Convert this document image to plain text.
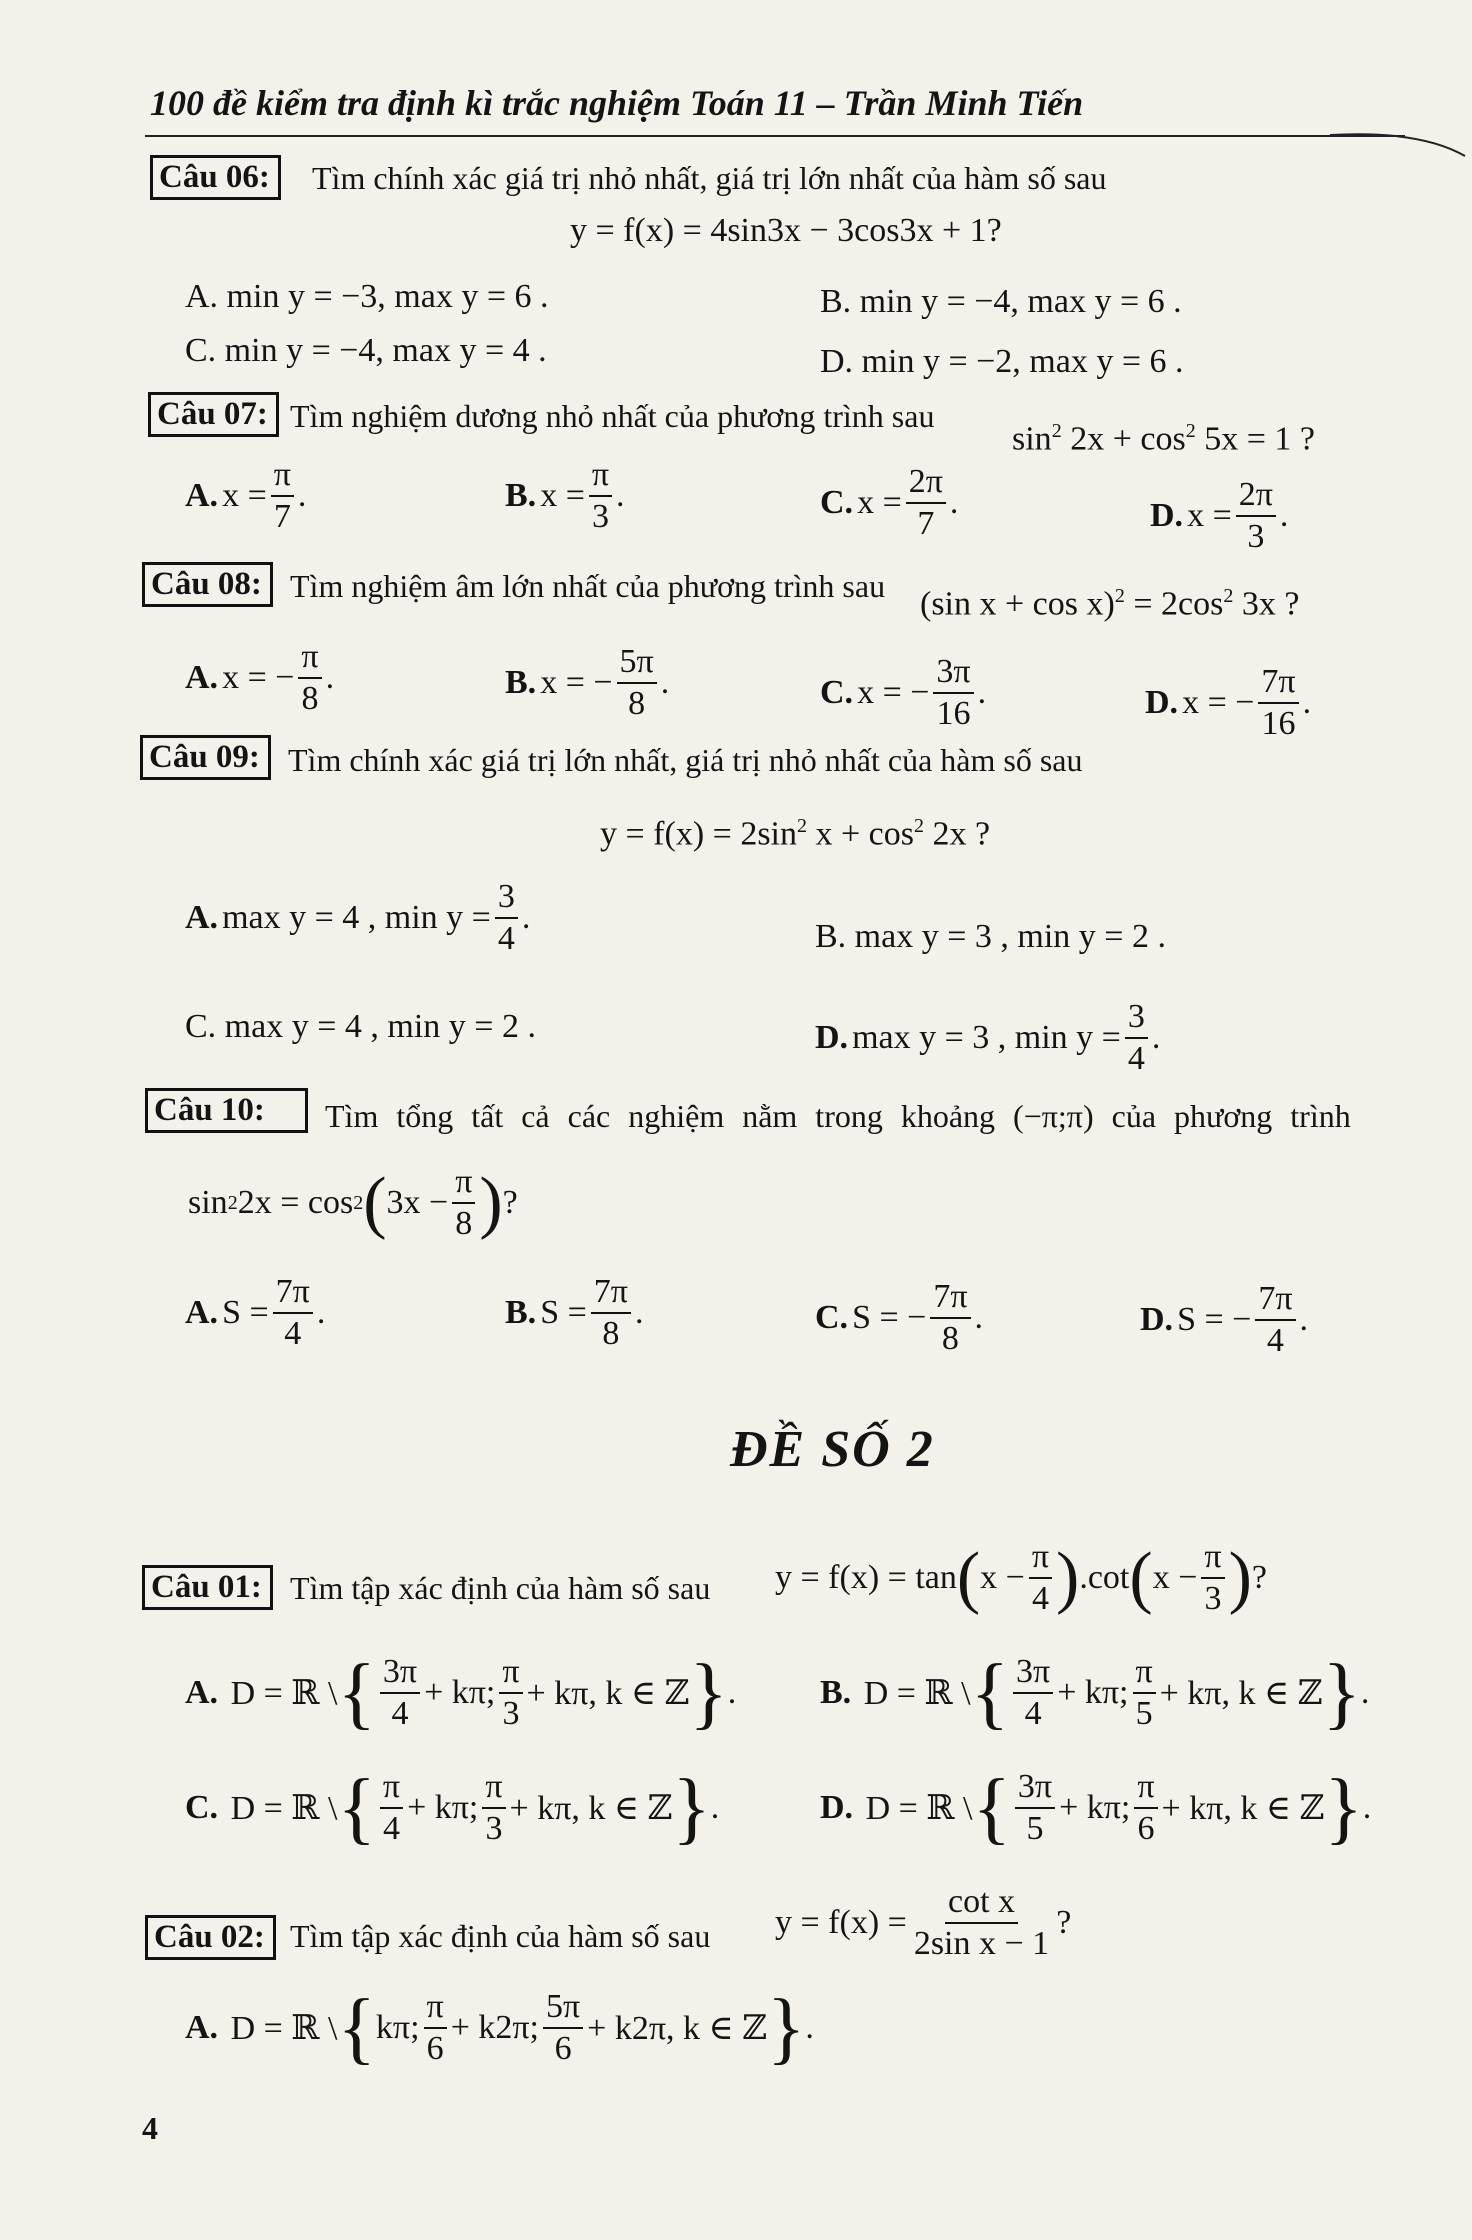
100 đề kiểm tra định kì trắc nghiệm Toán 11 – Trần Minh Tiến
Câu 06:	Tìm chính xác giá trị nhỏ nhất, giá trị lớn nhất của hàm số sau
y = f(x) = 4sin3x − 3cos3x + 1?
A. min y = −3, max y = 6 .	B. min y = −4, max y = 6 .
C. min y = −4, max y = 4 .	D. min y = −2, max y = 6 .
Câu 07: Tìm nghiệm dương nhỏ nhất của phương trình sau
$\sin^2 2x + \cos^2 5x = 1$ ?
A. $x = \frac{\pi}{7}$ .	B. $x = \frac{\pi}{3}$ .	C. $x = \frac{2\pi}{7}$ .	D. $x = \frac{2\pi}{3}$ .
Câu 08: Tìm nghiệm âm lớn nhất của phương trình sau (sin $x + \cos x)^2 = 2\cos^2$ 3x ?
A. x = − $\frac{\pi}{8}$ .	B. x = − $\frac{5\pi}{8}$ .	C. x = − $\frac{3\pi}{16}$ .	D. x = − $\frac{7\pi}{16}$ .
Câu 09: Tìm chính xác giá trị lớn nhất, giá trị nhỏ nhất của hàm số sau
$y = f(x) = 2\sin^2$ $x + \cos^2 2x$ ?
A. max y = 4 , $\min y = \frac{3}{4}$ .
B. max y = 3 , min y = 2 .
C. max y = 4 , min y = 2 .	D. max y = 3 , $\min y = \frac{3}{4}$ .
Câu 10:	Tìm tổng tất cả các nghiệm nằm trong khoảng (−π;π) của phương trình
sin 2 2x = cos 2 ( $3x - \frac{\pi}{8}$ ) ?
A. $S = \frac{7\pi}{4}$ .	B. $S = \frac{7\pi}{8}$ .	C. S = − $\frac{7\pi}{8}$ .	D. S = − $\frac{7\pi}{4}$ .
ĐỀ SỐ 2
Câu 01: Tìm tập xác định của hàm số sau y = f(x) = tan ( $x - \frac{\pi}{4}$ ) .cot ( $x - \frac{\pi}{3}$ ) ?
A.
D = ℝ \ { $\frac{3\pi}{4} + k\pi$; $\frac{\pi}{3} + k\pi$, k ∈ ℤ } . B.
D = ℝ \ { $\frac{3\pi}{4} + k\pi$; $\frac{\pi}{5} + k\pi$, k ∈ ℤ } .
C.
D = ℝ \ { $\frac{\pi}{4} + k\pi$; $\frac{\pi}{3} + k\pi$, k ∈ ℤ } .	D.
D = ℝ \ { $\frac{3\pi}{5} + k\pi$; $\frac{\pi}{6} + k\pi$, k ∈ ℤ } .
Câu 02: Tìm tập xác định của hàm số sau $y = f(x) = \frac{\text{cot x}}{\text{2sin x − 1}}$ ?
A.
D = ℝ \ { kπ; $\frac{\pi}{6} + k2\pi$; $\frac{5\pi}{6} + k2\pi$, k ∈ ℤ } .
4
